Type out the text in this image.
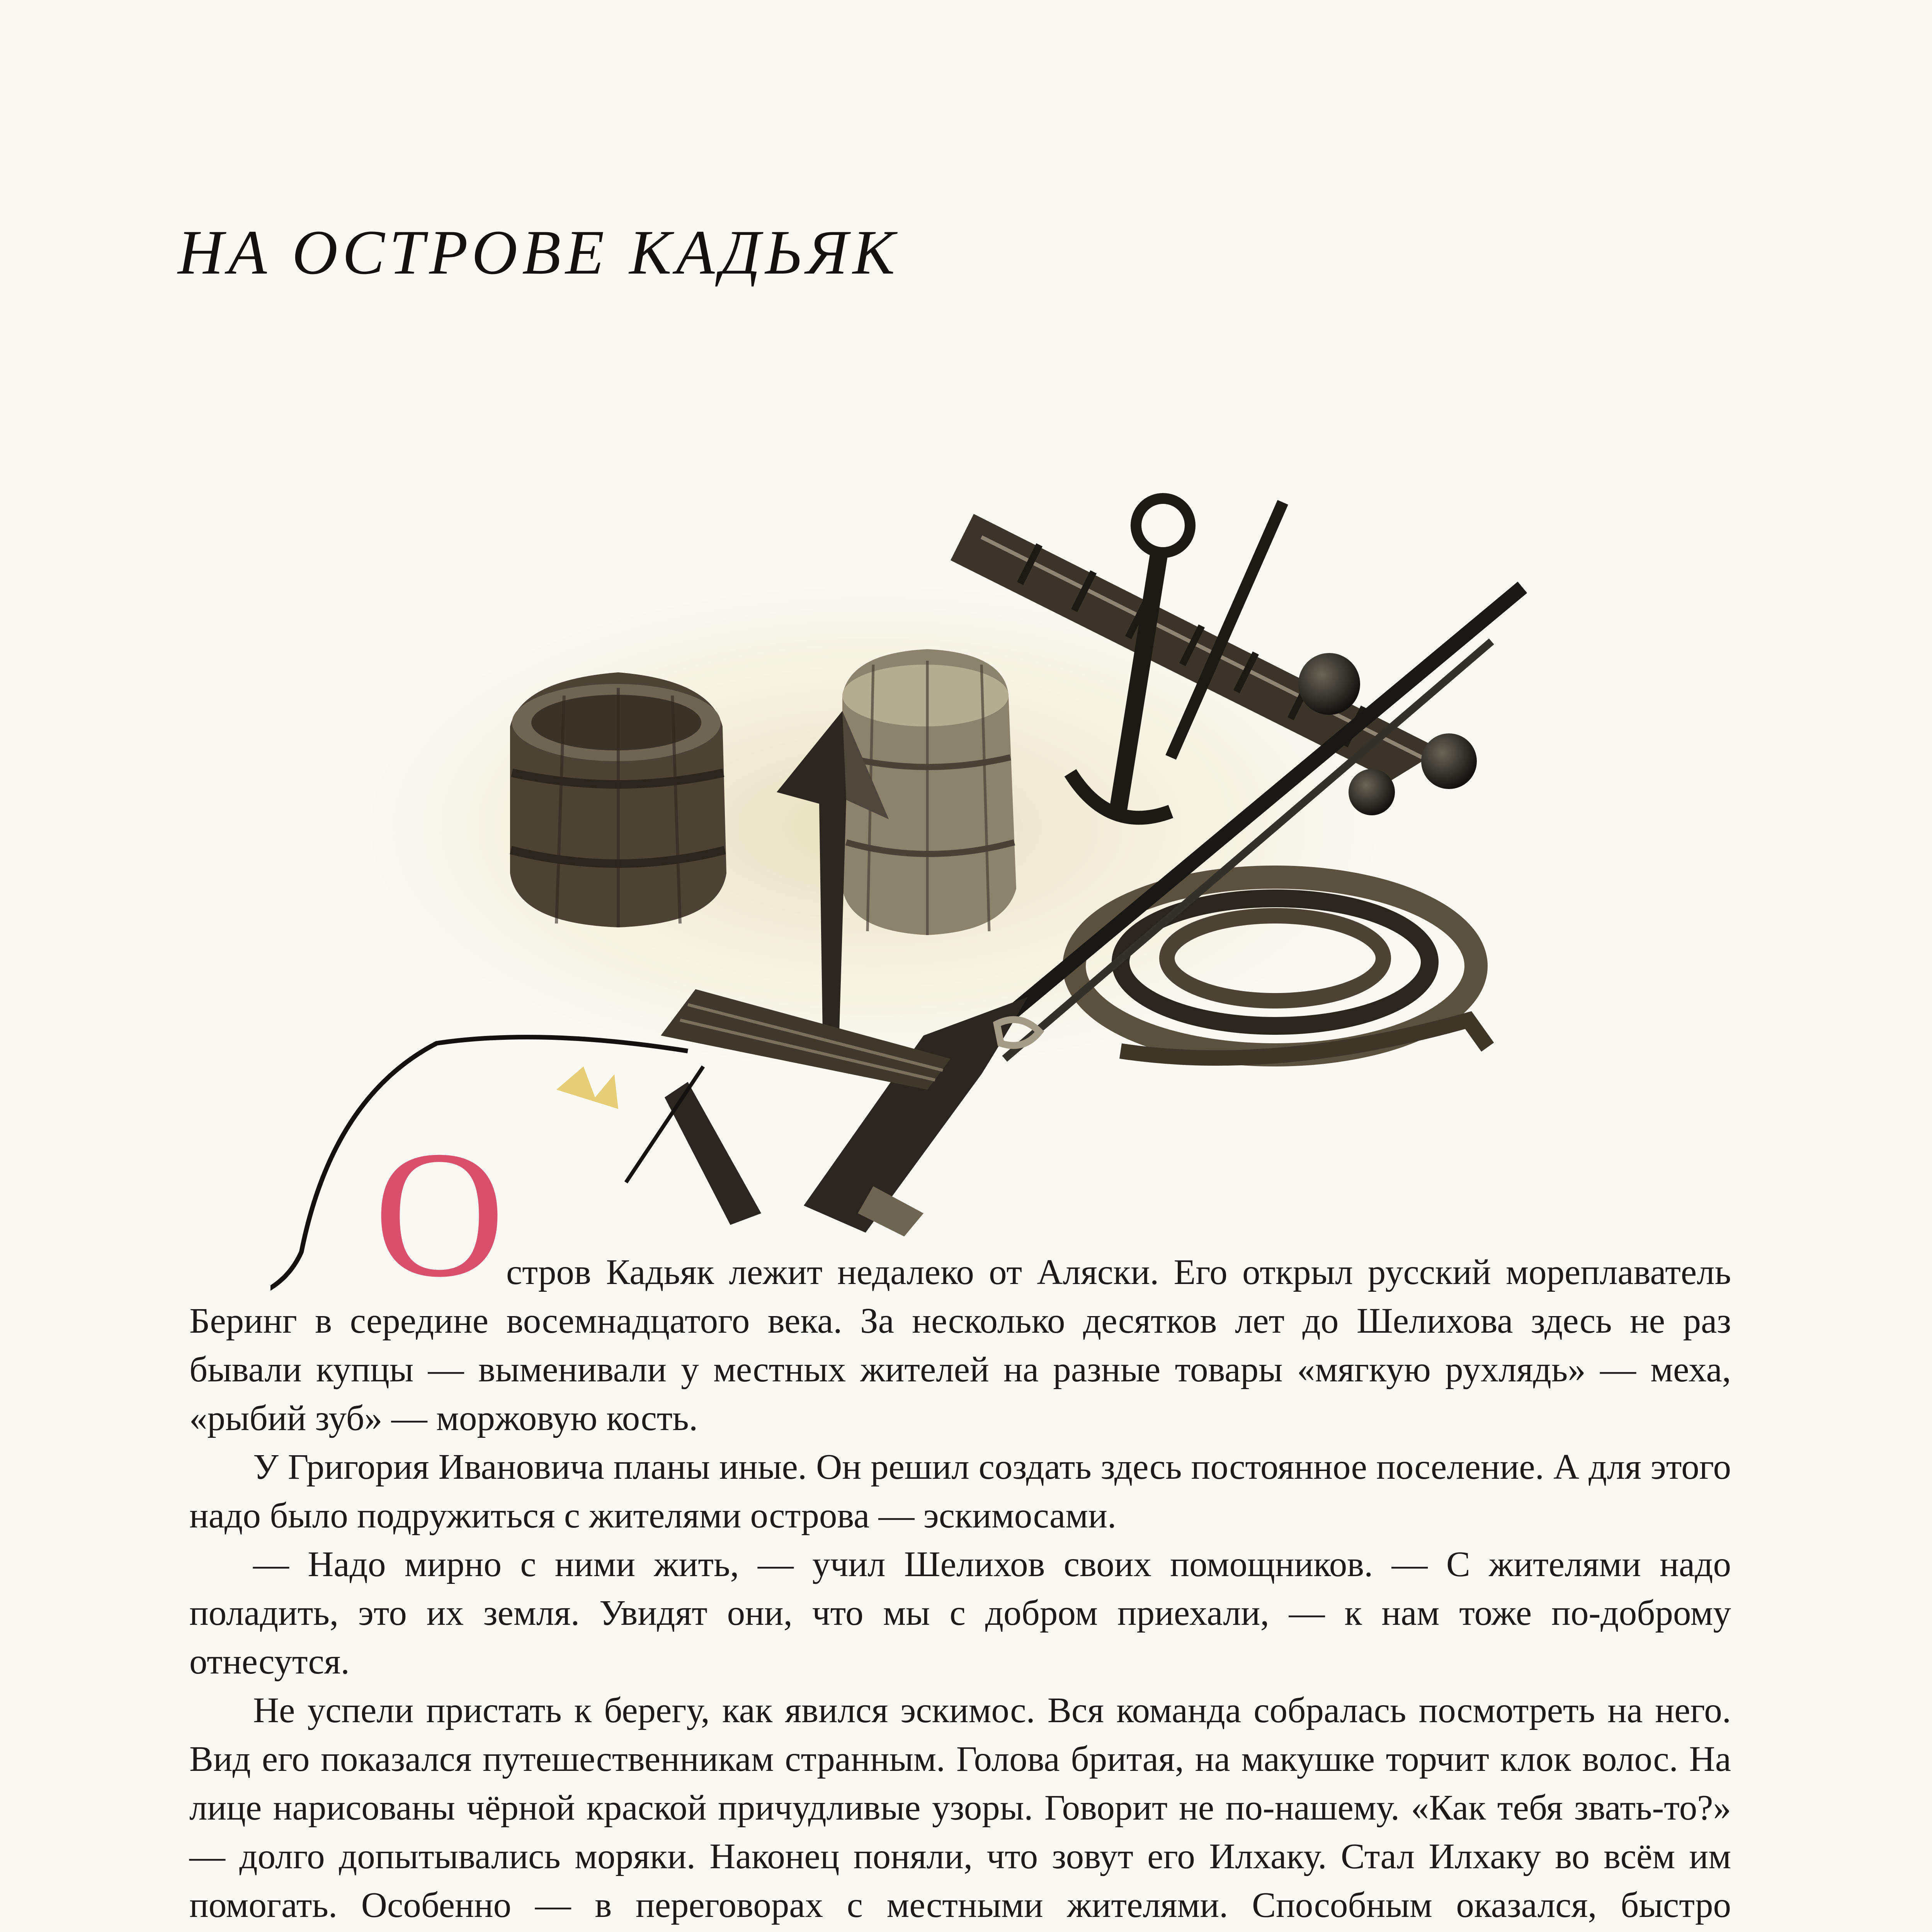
НА ОСТРОВЕ КАДЬЯК

О стров Кадьяк лежит недалеко от Аляски. Его открыл русский мореплаватель Беринг в середине восемнадцатого века. За несколько десятков лет до Шелихова здесь не раз бывали купцы — выменивали у местных жителей на разные товары «мягкую рухлядь» — меха, «рыбий зуб» — моржовую кость.

У Григория Ивановича планы иные. Он решил создать здесь постоянное поселение. А для этого надо было подружиться с жителями острова — эскимосами.

— Надо мирно с ними жить, — учил Шелихов своих помощников. — С жителями надо поладить, это их земля. Увидят они, что мы с добром приехали, — к нам тоже по-доброму отнесутся.

Не успели пристать к берегу, как явился эскимос. Вся команда собралась посмотреть на него. Вид его показался путешественникам странным. Голова бритая, на макушке торчит клок волос. На лице нарисованы чёрной краской причудливые узоры. Говорит не по-нашему. «Как тебя звать-то?» — долго допытывались моряки. Наконец поняли, что зовут его Илхаку. Стал Илхаку во всём им помогать. Особенно — в переговорах с местными жителями. Способным оказался, быстро
